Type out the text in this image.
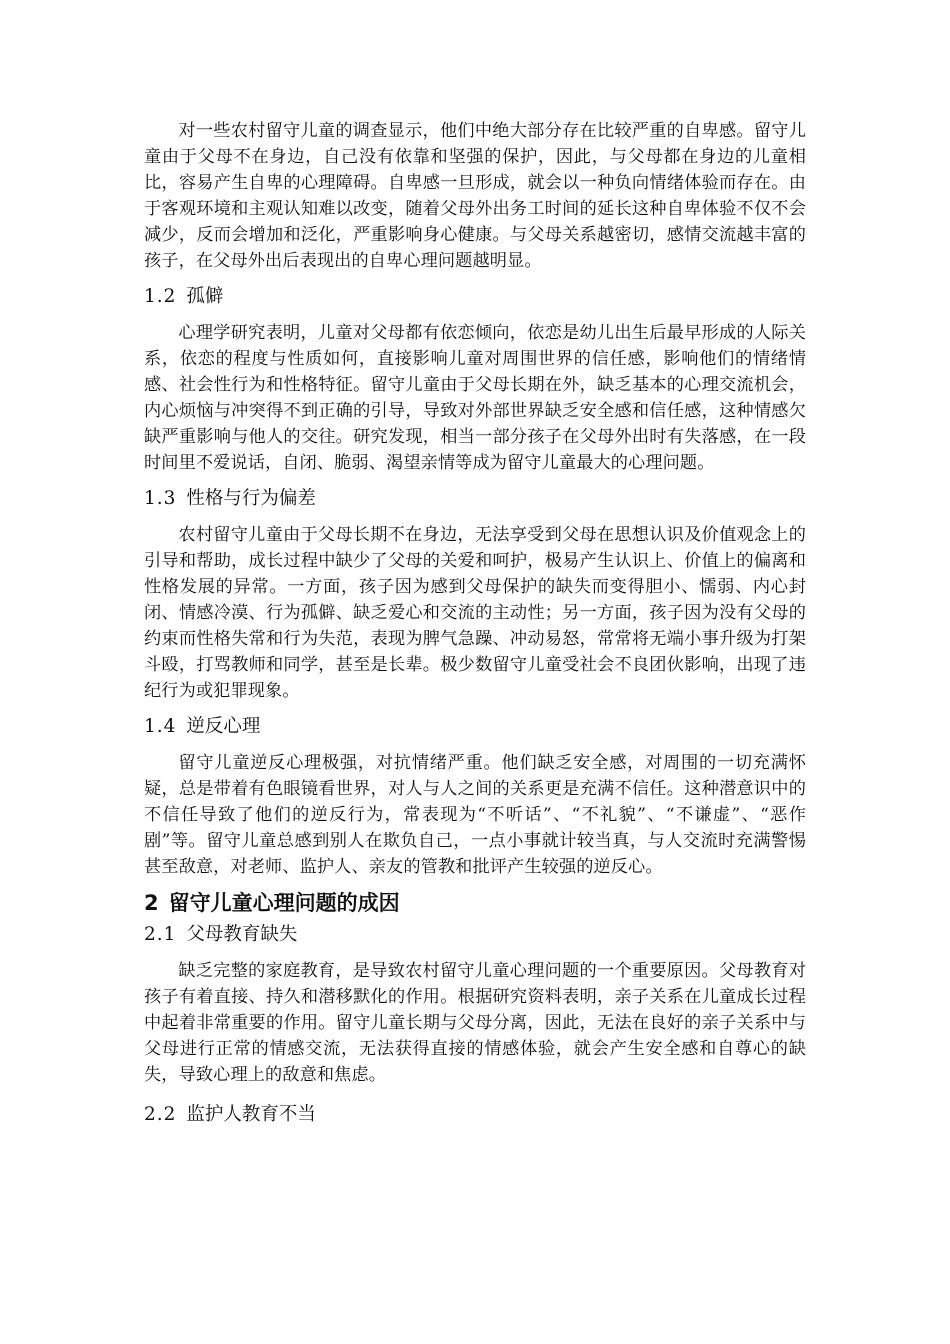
对一些农村留守儿童的调查显示，他们中绝大部分存在比较严重的自卑感。留守儿童由于父母不在身边，自己没有依靠和坚强的保护，因此，与父母都在身边的儿童相比，容易产生自卑的心理障碍。自卑感一旦形成，就会以一种负向情绪体验而存在。由于客观环境和主观认知难以改变，随着父母外出务工时间的延长这种自卑体验不仅不会减少，反而会增加和泛化，严重影响身心健康。与父母关系越密切，感情交流越丰富的孩子，在父母外出后表现出的自卑心理问题越明显。

1.2 孤僻

心理学研究表明，儿童对父母都有依恋倾向，依恋是幼儿出生后最早形成的人际关系，依恋的程度与性质如何，直接影响儿童对周围世界的信任感，影响他们的情绪情感、社会性行为和性格特征。留守儿童由于父母长期在外，缺乏基本的心理交流机会，内心烦恼与冲突得不到正确的引导，导致对外部世界缺乏安全感和信任感，这种情感欠缺严重影响与他人的交往。研究发现，相当一部分孩子在父母外出时有失落感，在一段时间里不爱说话，自闭、脆弱、渴望亲情等成为留守儿童最大的心理问题。

1.3 性格与行为偏差

农村留守儿童由于父母长期不在身边，无法享受到父母在思想认识及价值观念上的引导和帮助，成长过程中缺少了父母的关爱和呵护，极易产生认识上、价值上的偏离和性格发展的异常。一方面，孩子因为感到父母保护的缺失而变得胆小、懦弱、内心封闭、情感冷漠、行为孤僻、缺乏爱心和交流的主动性；另一方面，孩子因为没有父母的约束而性格失常和行为失范，表现为脾气急躁、冲动易怒，常常将无端小事升级为打架斗殴，打骂教师和同学，甚至是长辈。极少数留守儿童受社会不良团伙影响，出现了违纪行为或犯罪现象。

1.4 逆反心理

留守儿童逆反心理极强，对抗情绪严重。他们缺乏安全感，对周围的一切充满怀疑，总是带着有色眼镜看世界，对人与人之间的关系更是充满不信任。这种潜意识中的不信任导致了他们的逆反行为，常表现为“不听话”、“不礼貌”、“不谦虚”、“恶作剧”等。留守儿童总感到别人在欺负自己，一点小事就计较当真，与人交流时充满警惕甚至敌意，对老师、监护人、亲友的管教和批评产生较强的逆反心。

2 留守儿童心理问题的成因
2.1 父母教育缺失

缺乏完整的家庭教育，是导致农村留守儿童心理问题的一个重要原因。父母教育对孩子有着直接、持久和潜移默化的作用。根据研究资料表明，亲子关系在儿童成长过程中起着非常重要的作用。留守儿童长期与父母分离，因此，无法在良好的亲子关系中与父母进行正常的情感交流，无法获得直接的情感体验，就会产生安全感和自尊心的缺失，导致心理上的敌意和焦虑。

2.2 监护人教育不当
